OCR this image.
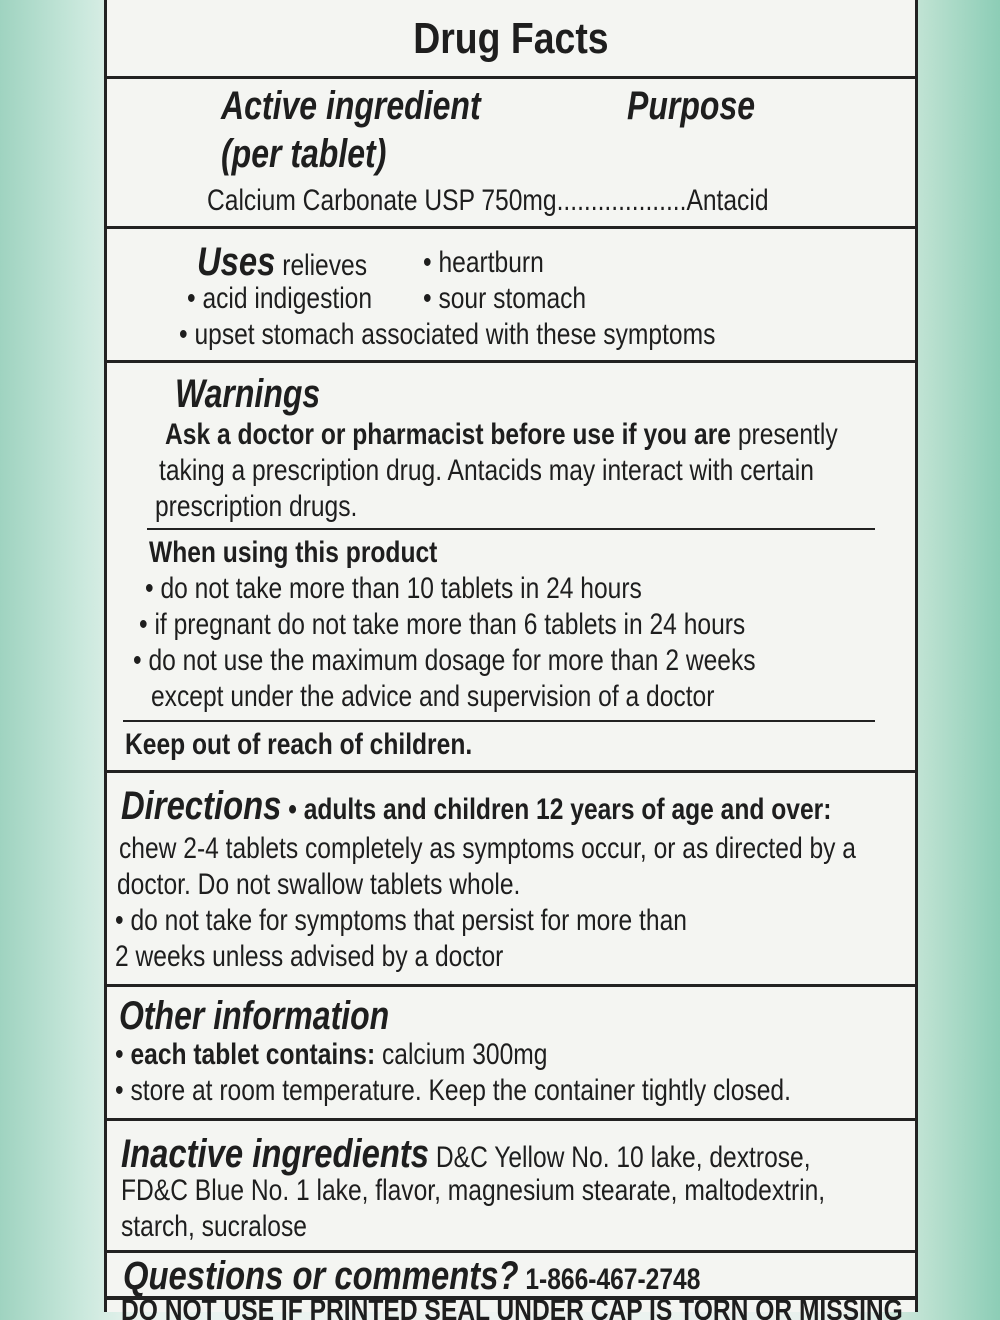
Drug Facts
Active ingredient
(per tablet)
Purpose
Calcium Carbonate USP 750mg...................Antacid
Uses relieves	• heartburn
• acid indigestion	• sour stomach
• upset stomach associated with these symptoms
Warnings
Ask a doctor or pharmacist before use if you are presently
taking a prescription drug. Antacids may interact with certain
prescription drugs.
When using this product
• do not take more than 10 tablets in 24 hours
• if pregnant do not take more than 6 tablets in 24 hours
• do not use the maximum dosage for more than 2 weeks
except under the advice and supervision of a doctor
Keep out of reach of children.
Directions • adults and children 12 years of age and over:
chew 2-4 tablets completely as symptoms occur, or as directed by a
doctor. Do not swallow tablets whole.
• do not take for symptoms that persist for more than
2 weeks unless advised by a doctor
Other information
• each tablet contains: calcium 300mg
• store at room temperature. Keep the container tightly closed.
Inactive ingredients D&C Yellow No. 10 lake, dextrose,
FD&C Blue No. 1 lake, flavor, magnesium stearate, maltodextrin,
starch, sucralose
Questions or comments? 1-866-467-2748
DO NOT USE IF PRINTED SEAL UNDER CAP IS TORN OR MISSING
